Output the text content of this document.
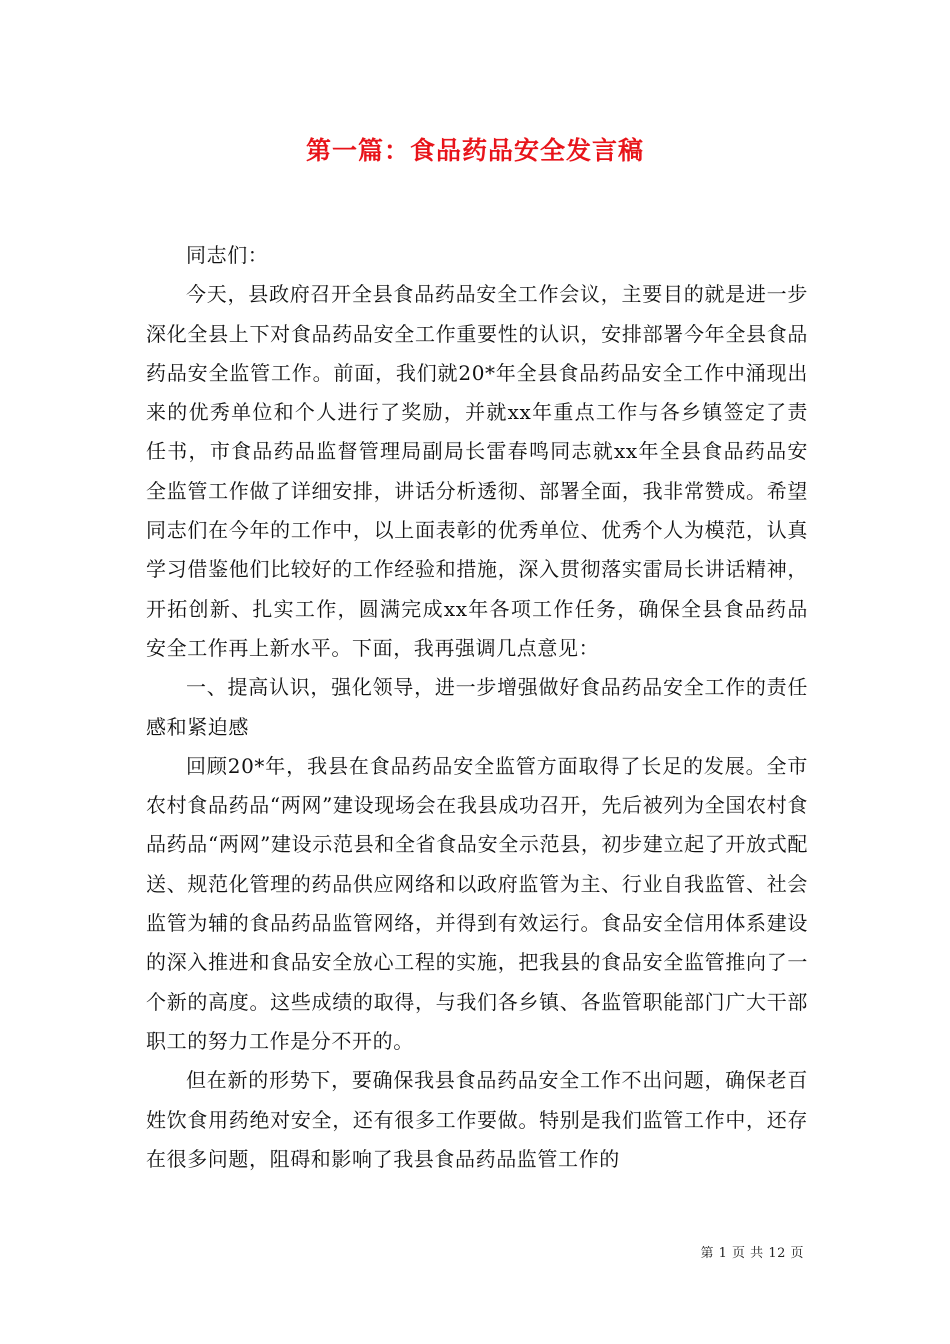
第一篇：食品药品安全发言稿

同志们：

今天，县政府召开全县食品药品安全工作会议，主要目的就是进一步深化全县上下对食品药品安全工作重要性的认识，安排部署今年全县食品药品安全监管工作。前面，我们就20*年全县食品药品安全工作中涌现出来的优秀单位和个人进行了奖励，并就xx年重点工作与各乡镇签定了责任书，市食品药品监督管理局副局长雷春鸣同志就xx年全县食品药品安全监管工作做了详细安排，讲话分析透彻、部署全面，我非常赞成。希望同志们在今年的工作中，以上面表彰的优秀单位、优秀个人为模范，认真学习借鉴他们比较好的工作经验和措施，深入贯彻落实雷局长讲话精神，开拓创新、扎实工作，圆满完成xx年各项工作任务，确保全县食品药品安全工作再上新水平。下面，我再强调几点意见：

一、提高认识，强化领导，进一步增强做好食品药品安全工作的责任感和紧迫感

回顾20*年，我县在食品药品安全监管方面取得了长足的发展。全市农村食品药品“两网”建设现场会在我县成功召开，先后被列为全国农村食品药品“两网”建设示范县和全省食品安全示范县，初步建立起了开放式配送、规范化管理的药品供应网络和以政府监管为主、行业自我监管、社会监管为辅的食品药品监管网络，并得到有效运行。食品安全信用体系建设的深入推进和食品安全放心工程的实施，把我县的食品安全监管推向了一个新的高度。这些成绩的取得，与我们各乡镇、各监管职能部门广大干部职工的努力工作是分不开的。

但在新的形势下，要确保我县食品药品安全工作不出问题，确保老百姓饮食用药绝对安全，还有很多工作要做。特别是我们监管工作中，还存在很多问题，阻碍和影响了我县食品药品监管工作的

第 1 页 共 12 页
